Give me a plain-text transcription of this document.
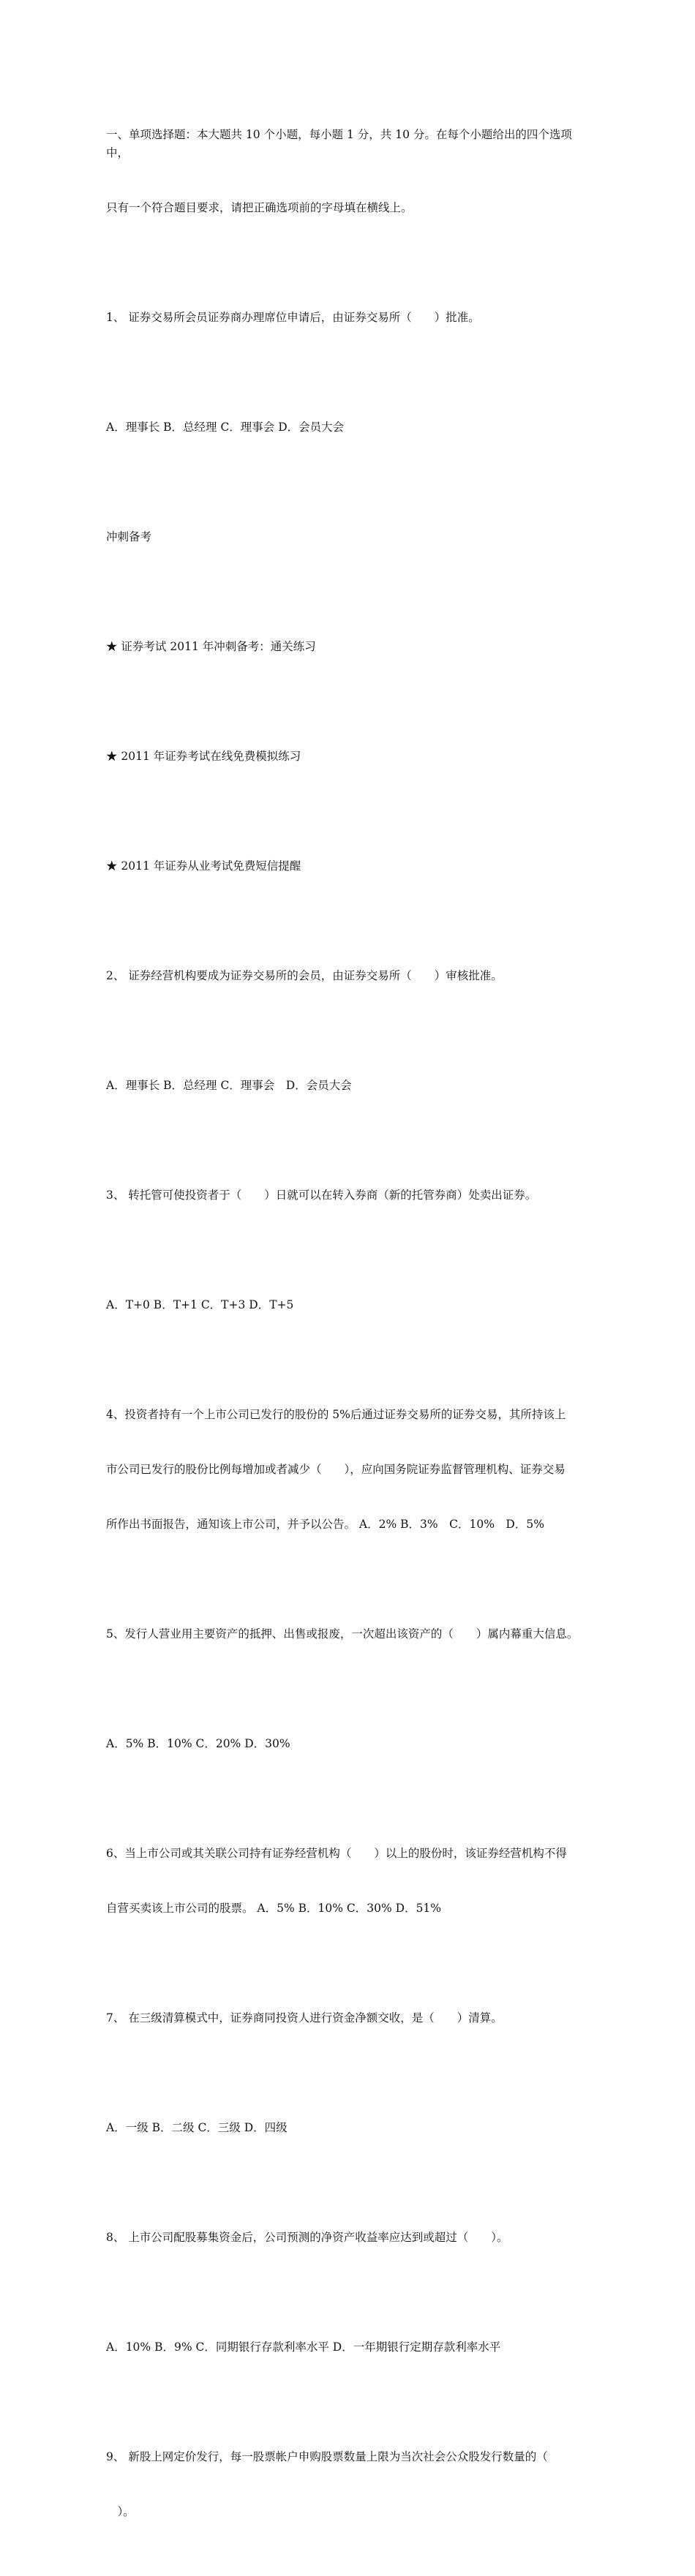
一、单项选择题：本大题共 10 个小题，每小题 1 分，共 10 分。在每个小题给出的四个选项中，

只有一个符合题目要求，请把正确选项前的字母填在横线上。

1、 证券交易所会员证券商办理席位申请后，由证券交易所（　　）批准。

A．理事长 B．总经理 C．理事会 D．会员大会

冲刺备考

★ 证券考试 2011 年冲刺备考：通关练习

★ 2011 年证券考试在线免费模拟练习

★ 2011 年证券从业考试免费短信提醒

2、 证券经营机构要成为证券交易所的会员，由证券交易所（　　）审核批准。

A．理事长 B．总经理 C．理事会　D．会员大会

3、 转托管可使投资者于（　　）日就可以在转入券商（新的托管券商）处卖出证券。

A．T+0 B．T+1 C．T+3 D．T+5

4、投资者持有一个上市公司已发行的股份的 5%后通过证券交易所的证券交易，其所持该上

市公司已发行的股份比例每增加或者减少（　　），应向国务院证券监督管理机构、证券交易

所作出书面报告，通知该上市公司，并予以公告。 A．2% B．3%　C．10%　D．5%

5、发行人营业用主要资产的抵押、出售或报废，一次超出该资产的（　　）属内幕重大信息。

A．5% B．10% C．20% D．30%

6、当上市公司或其关联公司持有证券经营机构（　　）以上的股份时，该证券经营机构不得

自营买卖该上市公司的股票。 A．5% B．10% C．30% D．51%

7、 在三级清算模式中，证券商同投资人进行资金净额交收，是（　　）清算。

A．一级 B．二级 C．三级 D．四级

8、 上市公司配股募集资金后，公司预测的净资产收益率应达到或超过（　　）。

A．10% B．9% C．同期银行存款利率水平 D．一年期银行定期存款利率水平

9、 新股上网定价发行，每一股票帐户申购股票数量上限为当次社会公众股发行数量的（

　）。
